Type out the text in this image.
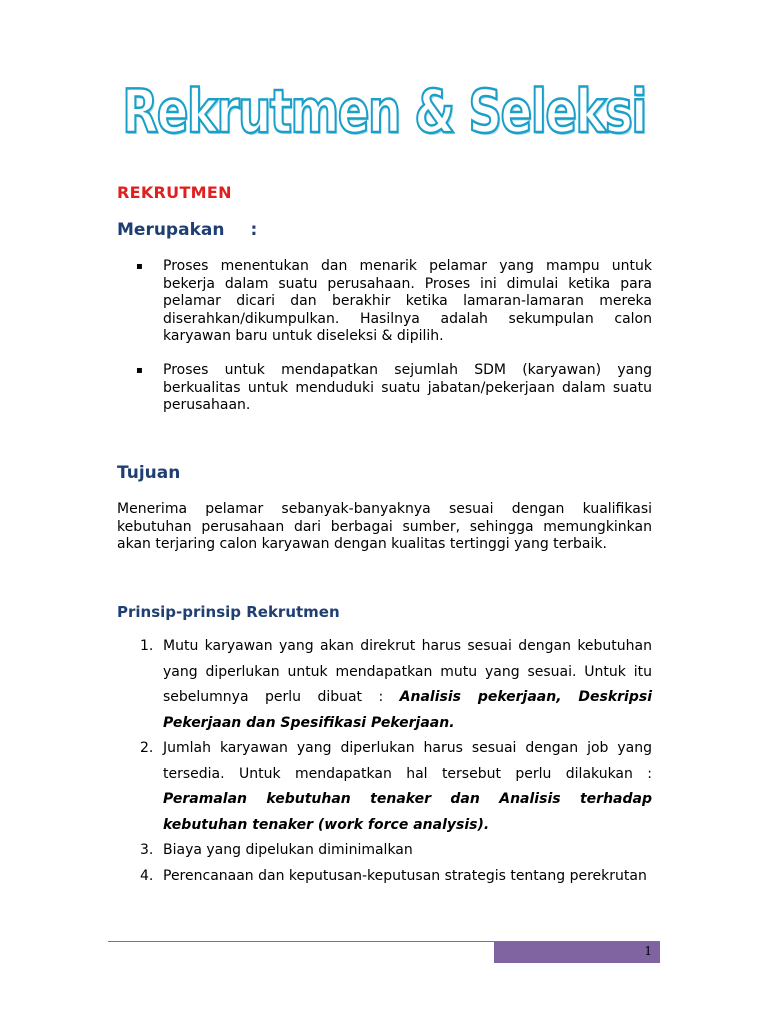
Rekrutmen & Seleksi
REKRUTMEN
Merupakan :
▪ Proses menentukan dan menarik pelamar yang mampu untuk bekerja dalam suatu perusahaan. Proses ini dimulai ketika para pelamar dicari dan berakhir ketika lamaran-lamaran mereka diserahkan/dikumpulkan. Hasilnya adalah sekumpulan calon karyawan baru untuk diseleksi & dipilih.
▪ Proses untuk mendapatkan sejumlah SDM (karyawan) yang berkualitas untuk menduduki suatu jabatan/pekerjaan dalam suatu perusahaan.
Tujuan
Menerima pelamar sebanyak-banyaknya sesuai dengan kualifikasi kebutuhan perusahaan dari berbagai sumber, sehingga memungkinkan akan terjaring calon karyawan dengan kualitas tertinggi yang terbaik.
Prinsip-prinsip Rekrutmen
1. Mutu karyawan yang akan direkrut harus sesuai dengan kebutuhan yang diperlukan untuk mendapatkan mutu yang sesuai. Untuk itu sebelumnya perlu dibuat : Analisis pekerjaan, Deskripsi Pekerjaan dan Spesifikasi Pekerjaan.
2. Jumlah karyawan yang diperlukan harus sesuai dengan job yang tersedia. Untuk mendapatkan hal tersebut perlu dilakukan : Peramalan kebutuhan tenaker dan Analisis terhadap kebutuhan tenaker (work force analysis).
3. Biaya yang dipelukan diminimalkan
4. Perencanaan dan keputusan-keputusan strategis tentang perekrutan
1
